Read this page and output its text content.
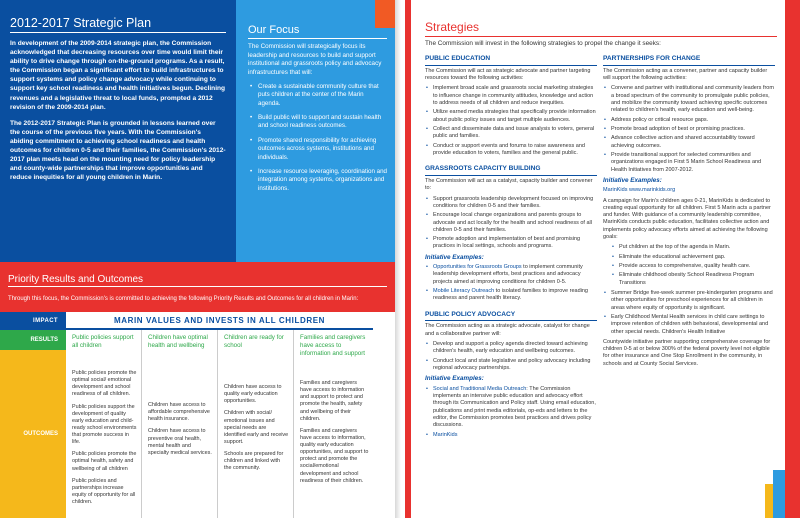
2012-2017 Strategic Plan

In development of the 2009-2014 strategic plan, the Commission acknowledged that decreasing resources over time would limit their ability to drive change through on-the-ground programs. As a result, the Commission began a significant effort to build infrastructures to support systems and policy change advocacy while continuing to support key school readiness and health initiatives begun. Declining revenues and a legislative threat to local funds, prompted a 2012 revision of the 2009-2014 plan.

The 2012-2017 Strategic Plan is grounded in lessons learned over the course of the previous five years. With the Commission's abiding commitment to achieving school readiness and health outcomes for children 0-5 and their families, the Commission's 2012-2017 plan meets head on the mounting need for policy leadership and county-wide partnerships that improve opportunities and reduce inequities for all young children in Marin.

Our Focus
The Commission will strategically focus its leadership and resources to build and support institutional and grassroots policy and advocacy infrastructures that will:
• Create a sustainable community culture that puts children at the center of the Marin agenda.
• Build public will to support and sustain health and school readiness outcomes.
• Promote shared responsibility for achieving outcomes across systems, institutions and individuals.
• Increase resource leveraging, coordination and integration among systems, organizations and institutions.
Priority Results and Outcomes
Through this focus, the Commission's is committed to achieving the following Priority Results and Outcomes for all children in Marin:
IMPACT
RESULTS
OUTCOMES
MARIN VALUES AND INVESTS IN ALL CHILDREN
Public policies support all children
Children have optimal health and wellbeing
Children are ready for school
Families and caregivers have access to information and support

Public policies promote the optimal social/ emotional development and school readiness of all children.

Public policies support the development of quality early education and child-ready school environments that promote success in life.

Public policies promote the optimal health, safety and wellbeing of all children

Public policies and partnerships increase equity of opportunity for all children.

Children have access to affordable comprehensive health insurance.

Children have access to preventive oral health, mental health and specialty medical services.

Children have access to quality early education opportunities.

Children with social/ emotional issues and special needs are identified early and receive support.

Schools are prepared for children and linked with the community.

Families and caregivers have access to information and support to protect and promote the health, safety and wellbeing of their children.

Families and caregivers have access to information, quality early education opportunities, and support to protect and promote the social/emotional development and school readiness of their children.

Strategies
The Commission will invest in the following strategies to propel the change it seeks:
PUBLIC EDUCATION

The Commission will act as strategic advocate and partner targeting resources toward the following activities:

• Implement broad scale and grassroots social marketing strategies to influence change in community attitudes, knowledge and action to address needs of all children and reduce inequities.
• Utilize earned media strategies that specifically provide information about public policy issues and target multiple audiences.
• Collect and disseminate data and issue analysis to voters, general public and families.
• Conduct or support events and forums to raise awareness and provide education to voters, families and the general public.
GRASSROOTS CAPACITY BUILDING

The Commission will act as a catalyst, capacity builder and convener to:

• Support grassroots leadership development focused on improving conditions for children 0-5 and their families.
• Encourage local change organizations and parents groups to advocate and act locally for the health and school readiness of all children 0-5 and their families.
• Promote adoption and implementation of best and promising practices in local settings, schools and programs.
Initiative Examples:
• Opportunities for Grassroots Groups to implement community leadership development efforts, best practices and advocacy projects aimed at improving conditions for children 0-5.
• Mobile Literacy Outreach to isolated families to improve reading readiness and parent health literacy.
PUBLIC POLICY ADVOCACY

The Commission acting as a strategic advocate, catalyst for change and a collaborative partner will:

• Develop and support a policy agenda directed toward achieving children's health, early education and wellbeing outcomes.
• Conduct local and state legislative and policy advocacy including regional advocacy partnerships.
Initiative Examples:
• Social and Traditional Media Outreach: The Commission implements an intensive public education and advocacy effort through its Communication and Policy staff. Using email education, publications and print media editorials, op-eds and letters to the editor, the Commission promotes best practices and drives policy discussions.
• MarinKids
PARTNERSHIPS FOR CHANGE

The Commission acting as a convener, partner and capacity builder will support the following activities:

• Convene and partner with institutional and community leaders from a broad spectrum of the community to promulgate public policies, and mobilize the community toward achieving specific outcomes related to children's health, early education and well-being.
• Address policy or critical resource gaps.
• Promote broad adoption of best or promising practices.
• Advance collective action and shared accountability toward achieving outcomes.
• Provide transitional support for selected communities and organizations engaged in First 5 Marin School Readiness and Health Initiatives from 2007-2012.
Initiative Examples:

MarinKids www.marinkids.org

A campaign for Marin's children ages 0-21, MarinKids is dedicated to creating equal opportunity for all children. First 5 Marin acts a partner and funder. With guidance of a community leadership committee, MarinKids conducts public education, facilitates collective action and implements policy advocacy efforts aimed at achieving the following goals:

• Put children at the top of the agenda in Marin.
• Eliminate the educational achievement gap.
• Provide access to comprehensive, quality health care.
• Eliminate childhood obesity School Readiness Program Transitions
• Summer Bridge five-week summer pre-kindergarten programs and other opportunities for preschool experiences for all children in areas where equity of opportunity is significant.
• Early Childhood Mental Health services in child care settings to improve retention of children with behavioral, developmental and other special needs. Children's Health Initiative

Countywide initiative partner supporting comprehensive coverage for children 0-5 at or below 300% of the federal poverty level not eligible for other insurance and One Stop Enrollment in the community, in schools and at County Social Services.
